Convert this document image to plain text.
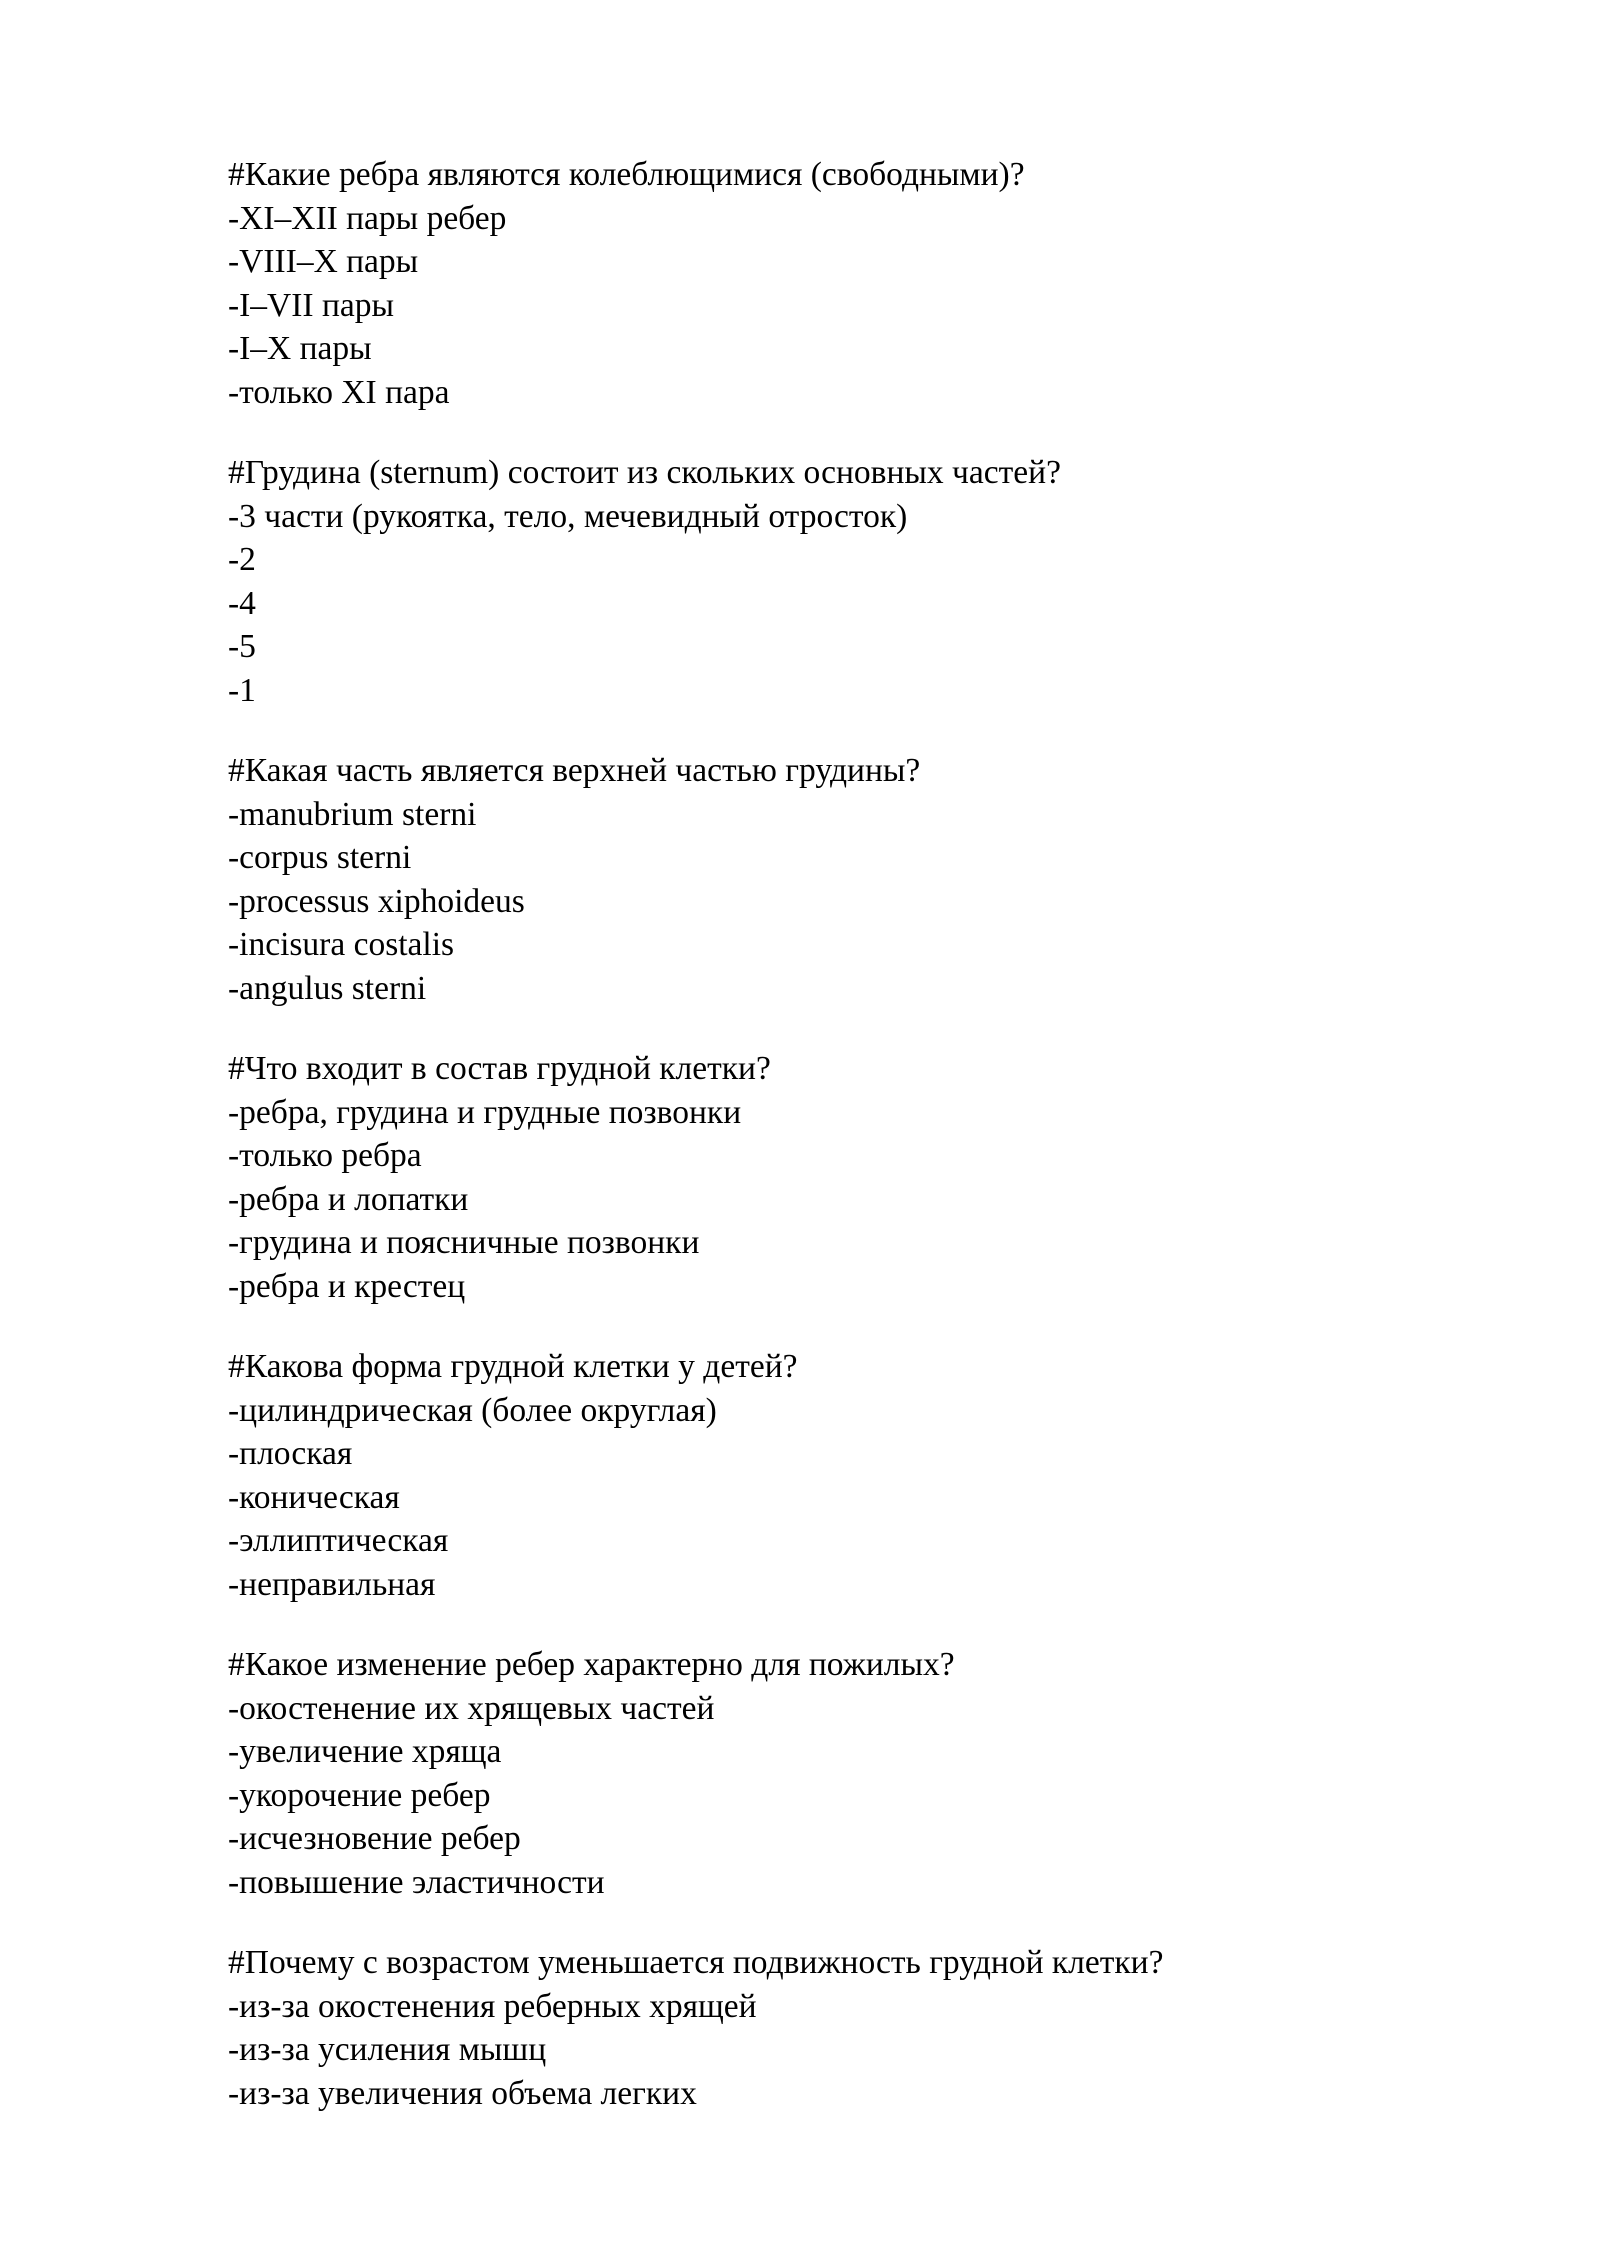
#Какие ребра являются колеблющимися (свободными)?
-XI–XII пары ребер
-VIII–X пары
-I–VII пары
-I–X пары
-только XI пара
#Грудина (sternum) состоит из скольких основных частей?
-3 части (рукоятка, тело, мечевидный отросток)
-2
-4
-5
-1
#Какая часть является верхней частью грудины?
-manubrium sterni
-corpus sterni
-processus xiphoideus
-incisura costalis
-angulus sterni
#Что входит в состав грудной клетки?
-ребра, грудина и грудные позвонки
-только ребра
-ребра и лопатки
-грудина и поясничные позвонки
-ребра и крестец
#Какова форма грудной клетки у детей?
-цилиндрическая (более округлая)
-плоская
-коническая
-эллиптическая
-неправильная
#Какое изменение ребер характерно для пожилых?
-окостенение их хрящевых частей
-увеличение хряща
-укорочение ребер
-исчезновение ребер
-повышение эластичности
#Почему с возрастом уменьшается подвижность грудной клетки?
-из-за окостенения реберных хрящей
-из-за усиления мышц
-из-за увеличения объема легких
